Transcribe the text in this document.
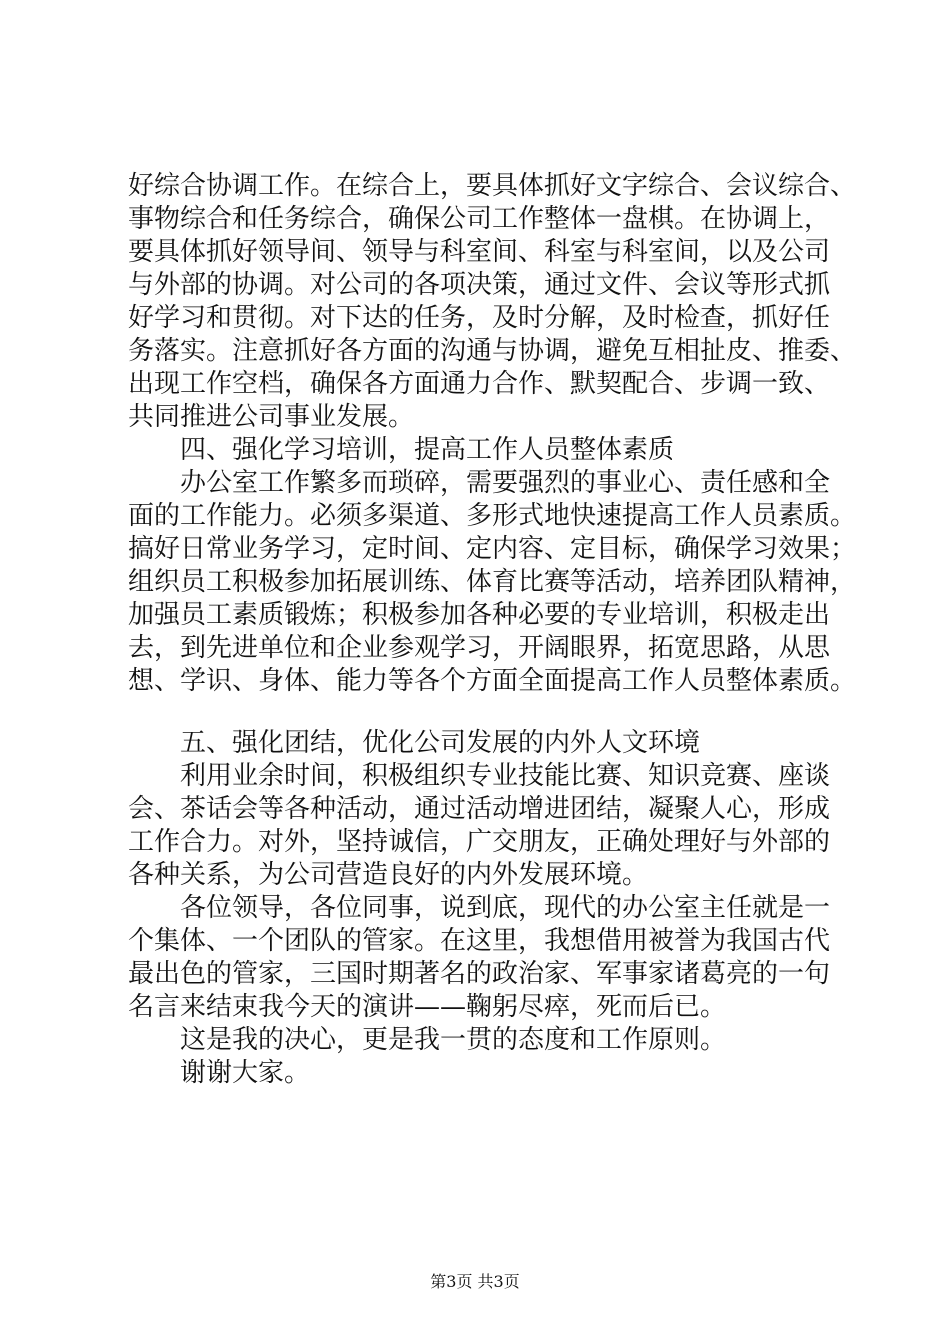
好综合协调工作。在综合上，要具体抓好文字综合、会议综合、
事物综合和任务综合，确保公司工作整体一盘棋。在协调上，
要具体抓好领导间、领导与科室间、科室与科室间，以及公司
与外部的协调。对公司的各项决策，通过文件、会议等形式抓
好学习和贯彻。对下达的任务，及时分解，及时检查，抓好任
务落实。注意抓好各方面的沟通与协调，避免互相扯皮、推委、
出现工作空档，确保各方面通力合作、默契配合、步调一致、
共同推进公司事业发展。
四、强化学习培训，提高工作人员整体素质
办公室工作繁多而琐碎，需要强烈的事业心、责任感和全
面的工作能力。必须多渠道、多形式地快速提高工作人员素质。
搞好日常业务学习，定时间、定内容、定目标，确保学习效果；
组织员工积极参加拓展训练、体育比赛等活动，培养团队精神，
加强员工素质锻炼；积极参加各种必要的专业培训，积极走出
去，到先进单位和企业参观学习，开阔眼界，拓宽思路，从思
想、学识、身体、能力等各个方面全面提高工作人员整体素质。
五、强化团结，优化公司发展的内外人文环境
利用业余时间，积极组织专业技能比赛、知识竞赛、座谈
会、茶话会等各种活动，通过活动增进团结，凝聚人心，形成
工作合力。对外，坚持诚信，广交朋友，正确处理好与外部的
各种关系，为公司营造良好的内外发展环境。
各位领导，各位同事，说到底，现代的办公室主任就是一
个集体、一个团队的管家。在这里，我想借用被誉为我国古代
最出色的管家，三国时期著名的政治家、军事家诸葛亮的一句
名言来结束我今天的演讲——鞠躬尽瘁，死而后已。
这是我的决心，更是我一贯的态度和工作原则。
谢谢大家。
第3页 共3页
